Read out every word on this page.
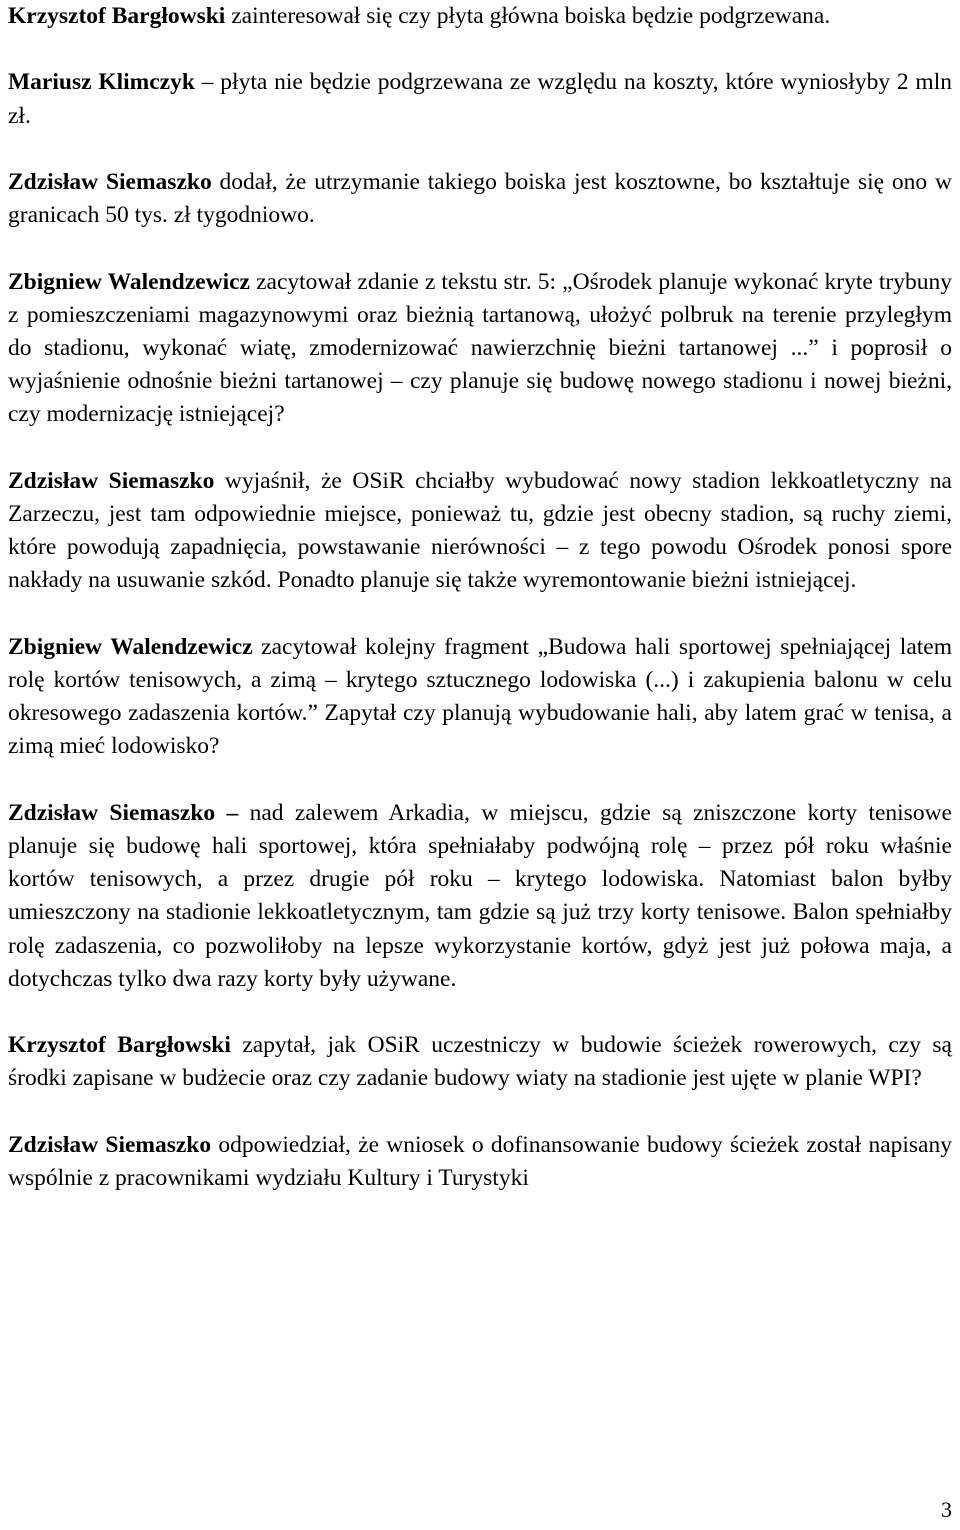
Krzysztof Bargłowski zainteresował się czy płyta główna boiska będzie podgrzewana.

Mariusz Klimczyk – płyta nie będzie podgrzewana ze względu na koszty, które wyniosłyby 2 mln zł.

Zdzisław Siemaszko dodał, że utrzymanie takiego boiska jest kosztowne, bo kształtuje się ono w granicach 50 tys. zł tygodniowo.

Zbigniew Walendzewicz zacytował zdanie z tekstu str. 5: „Ośrodek planuje wykonać kryte trybuny z pomieszczeniami magazynowymi oraz bieżnią tartanową, ułożyć polbruk na terenie przyległym do stadionu, wykonać wiatę, zmodernizować nawierzchnię bieżni tartanowej ...” i poprosił o wyjaśnienie odnośnie bieżni tartanowej – czy planuje się budowę nowego stadionu i nowej bieżni, czy modernizację istniejącej?

Zdzisław Siemaszko wyjaśnił, że OSiR chciałby wybudować nowy stadion lekkoatletyczny na Zarzeczu, jest tam odpowiednie miejsce, ponieważ tu, gdzie jest obecny stadion, są ruchy ziemi, które powodują zapadnięcia, powstawanie nierówności – z tego powodu Ośrodek ponosi spore nakłady na usuwanie szkód. Ponadto planuje się także wyremontowanie bieżni istniejącej.

Zbigniew Walendzewicz zacytował kolejny fragment „Budowa hali sportowej spełniającej latem rolę kortów tenisowych, a zimą – krytego sztucznego lodowiska (...) i zakupienia balonu w celu okresowego zadaszenia kortów.” Zapytał czy planują wybudowanie hali, aby latem grać w tenisa, a zimą mieć lodowisko?

Zdzisław Siemaszko – nad zalewem Arkadia, w miejscu, gdzie są zniszczone korty tenisowe planuje się budowę hali sportowej, która spełniałaby podwójną rolę – przez pół roku właśnie kortów tenisowych, a przez drugie pół roku – krytego lodowiska. Natomiast balon byłby umieszczony na stadionie lekkoatletycznym, tam gdzie są już trzy korty tenisowe. Balon spełniałby rolę zadaszenia, co pozwoliłoby na lepsze wykorzystanie kortów, gdyż jest już połowa maja, a dotychczas tylko dwa razy korty były używane.

Krzysztof Bargłowski zapytał, jak OSiR uczestniczy w budowie ścieżek rowerowych, czy są środki zapisane w budżecie oraz czy zadanie budowy wiaty na stadionie jest ujęte w planie WPI?

Zdzisław Siemaszko odpowiedział, że wniosek o dofinansowanie budowy ścieżek został napisany wspólnie z pracownikami wydziału Kultury i Turystyki

3
